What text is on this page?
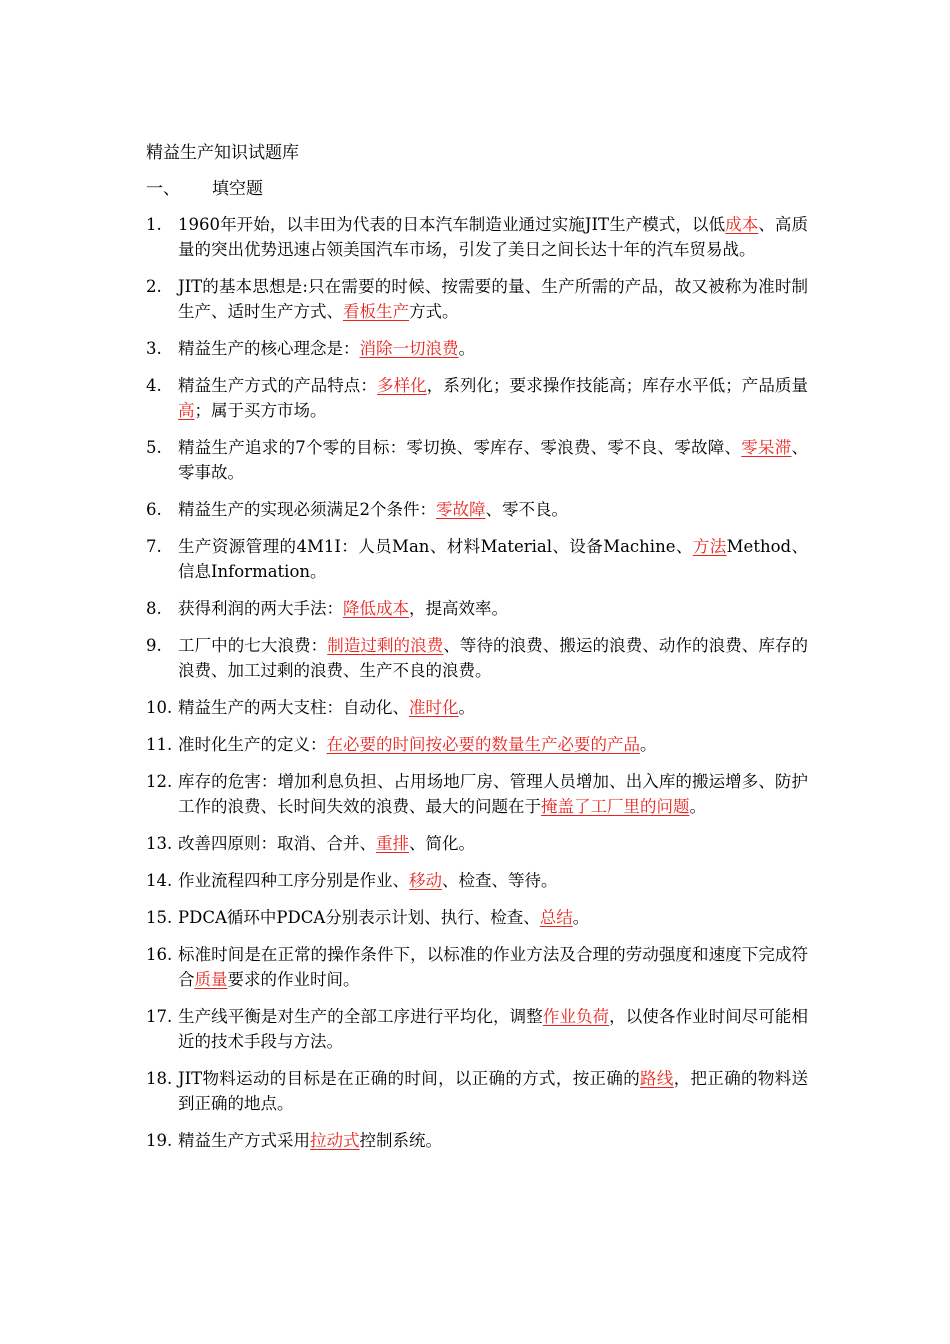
精益生产知识试题库
一、 填空题
1. 1960年开始，以丰田为代表的日本汽车制造业通过实施JIT生产模式，以低成本、高质量的突出优势迅速占领美国汽车市场，引发了美日之间长达十年的汽车贸易战。
2. JIT的基本思想是:只在需要的时候、按需要的量、生产所需的产品，故又被称为准时制生产、适时生产方式、看板生产方式。
3. 精益生产的核心理念是：消除一切浪费。
4. 精益生产方式的产品特点：多样化，系列化；要求操作技能高；库存水平低；产品质量高；属于买方市场。
5. 精益生产追求的7个零的目标：零切换、零库存、零浪费、零不良、零故障、零呆滞、零事故。
6. 精益生产的实现必须满足2个条件：零故障、零不良。
7. 生产资源管理的4M1I：人员Man、材料Material、设备Machine、方法Method、信息Information。
8. 获得利润的两大手法：降低成本，提高效率。
9. 工厂中的七大浪费：制造过剩的浪费、等待的浪费、搬运的浪费、动作的浪费、库存的浪费、加工过剩的浪费、生产不良的浪费。
10. 精益生产的两大支柱：自动化、准时化。
11. 准时化生产的定义：在必要的时间按必要的数量生产必要的产品。
12. 库存的危害：增加利息负担、占用场地厂房、管理人员增加、出入库的搬运增多、防护工作的浪费、长时间失效的浪费、最大的问题在于掩盖了工厂里的问题。
13. 改善四原则：取消、合并、重排、简化。
14. 作业流程四种工序分别是作业、移动、检查、等待。
15. PDCA循环中PDCA分别表示计划、执行、检查、总结。
16. 标准时间是在正常的操作条件下，以标准的作业方法及合理的劳动强度和速度下完成符合质量要求的作业时间。
17. 生产线平衡是对生产的全部工序进行平均化，调整作业负荷，以使各作业时间尽可能相近的技术手段与方法。
18. JIT物料运动的目标是在正确的时间，以正确的方式，按正确的路线，把正确的物料送到正确的地点。
19. 精益生产方式采用拉动式控制系统。
